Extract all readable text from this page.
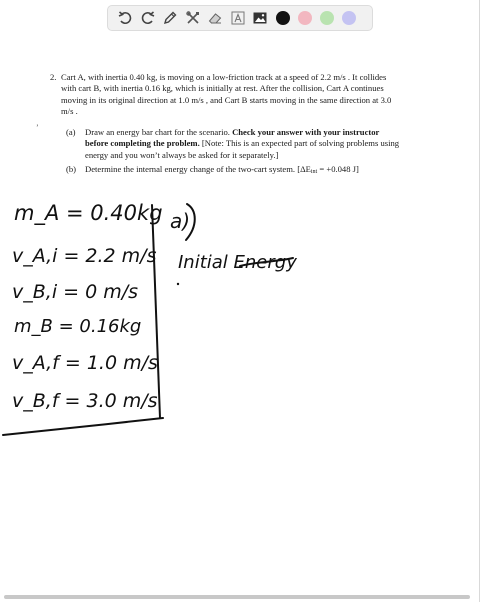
2. Cart A, with inertia 0.40 kg, is moving on a low-friction track at a speed of 2.2 m/s . It collides with cart B, with inertia 0.16 kg, which is initially at rest. After the collision, Cart A continues moving in its original direction at 1.0 m/s , and Cart B starts moving in the same direction at 3.0 m/s .
ʼ	(a) Draw an energy bar chart for the scenario. Check your answer with your instructor before completing the problem. [Note: This is an expected part of solving problems using energy and you won’t always be asked for it separately.]
(b) Determine the internal energy change of the two-cart system. [ΔEint = +0.048 J]
m_A = 0.40kg
v_A,i = 2.2 m/s
v_B,i = 0 m/s
m_B = 0.16kg
v_A,f = 1.0 m/s
v_B,f = 3.0 m/s
a)
Initial Energy
